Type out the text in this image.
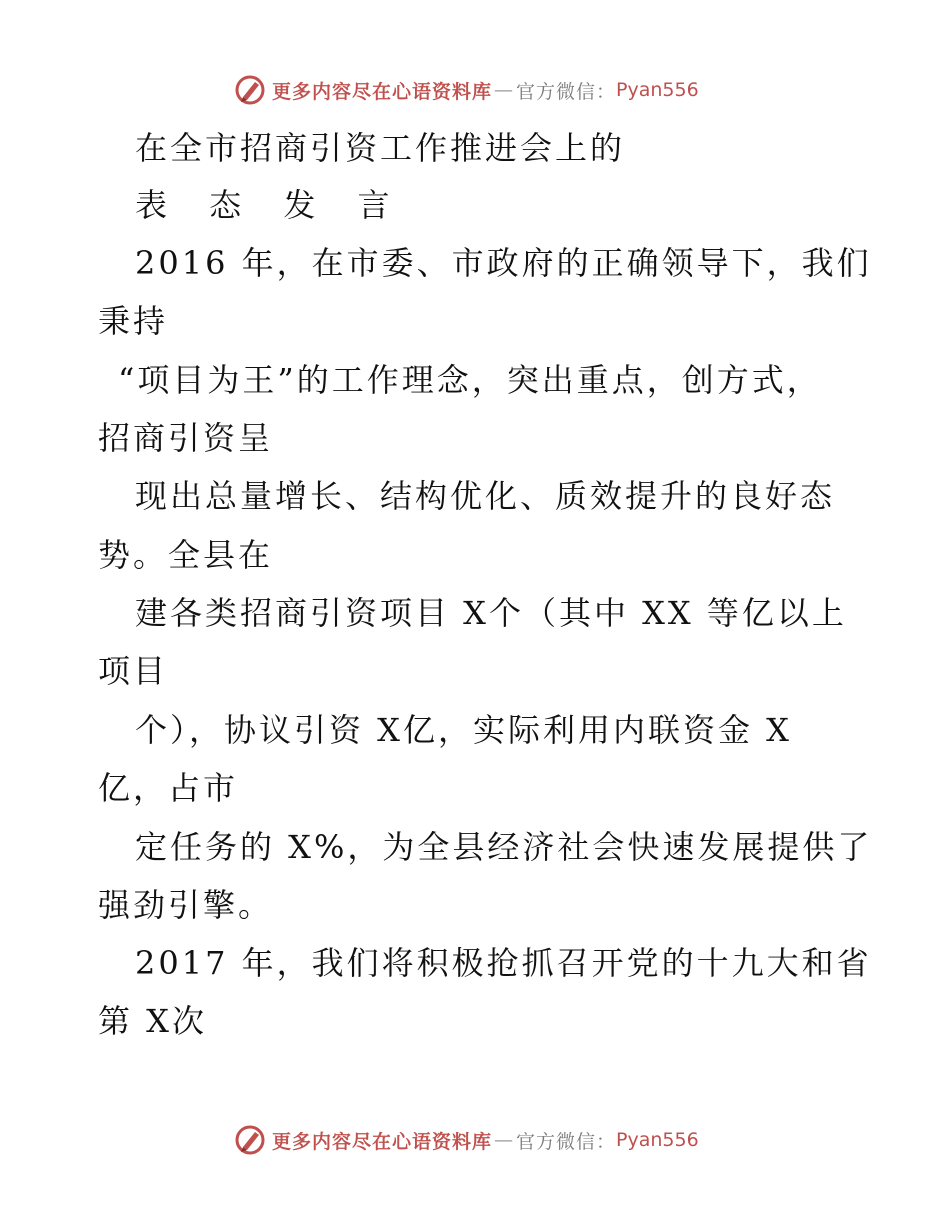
更多内容尽在心语资料库 — 官方微信： Pyan556
在全市招商引资工作推进会上的
表 态 发 言
2016 年，在市委、市政府的正确领导下，我们
秉持
“项目为王”的工作理念，突出重点，创方式，
招商引资呈
现出总量增长、结构优化、质效提升的良好态
势。全县在
建各类招商引资项目 X个（其中 XX 等亿以上
项目
个），协议引资 X亿，实际利用内联资金 X
亿，占市
定任务的 X%，为全县经济社会快速发展提供了
强劲引擎。
2017 年，我们将积极抢抓召开党的十九大和省
第 X次
更多内容尽在心语资料库 — 官方微信： Pyan556
